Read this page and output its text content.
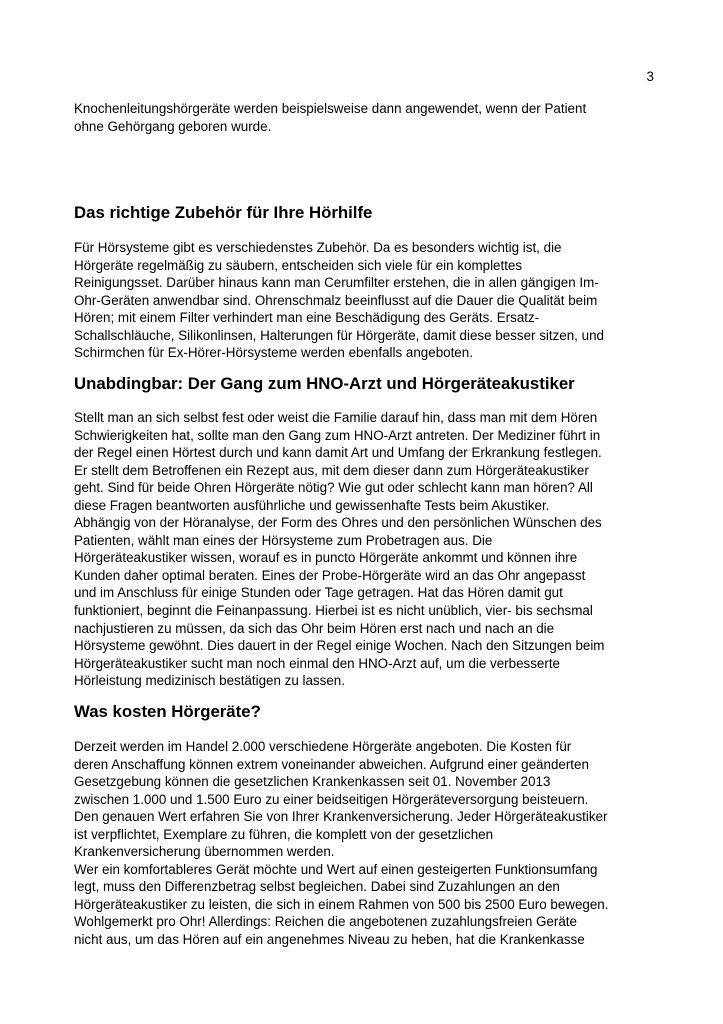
3

Knochenleitungshörgeräte werden beispielsweise dann angewendet, wenn der Patient
ohne Gehörgang geboren wurde.

Das richtige Zubehör für Ihre Hörhilfe

Für Hörsysteme gibt es verschiedenstes Zubehör. Da es besonders wichtig ist, die
Hörgeräte regelmäßig zu säubern, entscheiden sich viele für ein komplettes
Reinigungsset. Darüber hinaus kann man Cerumfilter erstehen, die in allen gängigen Im-
Ohr-Geräten anwendbar sind. Ohrenschmalz beeinflusst auf die Dauer die Qualität beim
Hören; mit einem Filter verhindert man eine Beschädigung des Geräts. Ersatz-
Schallschläuche, Silikonlinsen, Halterungen für Hörgeräte, damit diese besser sitzen, und
Schirmchen für Ex-Hörer-Hörsysteme werden ebenfalls angeboten.

Unabdingbar: Der Gang zum HNO-Arzt und Hörgeräteakustiker

Stellt man an sich selbst fest oder weist die Familie darauf hin, dass man mit dem Hören
Schwierigkeiten hat, sollte man den Gang zum HNO-Arzt antreten. Der Mediziner führt in
der Regel einen Hörtest durch und kann damit Art und Umfang der Erkrankung festlegen.
Er stellt dem Betroffenen ein Rezept aus, mit dem dieser dann zum Hörgeräteakustiker
geht. Sind für beide Ohren Hörgeräte nötig? Wie gut oder schlecht kann man hören? All
diese Fragen beantworten ausführliche und gewissenhafte Tests beim Akustiker.
Abhängig von der Höranalyse, der Form des Ohres und den persönlichen Wünschen des
Patienten, wählt man eines der Hörsysteme zum Probetragen aus. Die
Hörgeräteakustiker wissen, worauf es in puncto Hörgeräte ankommt und können ihre
Kunden daher optimal beraten. Eines der Probe-Hörgeräte wird an das Ohr angepasst
und im Anschluss für einige Stunden oder Tage getragen. Hat das Hören damit gut
funktioniert, beginnt die Feinanpassung. Hierbei ist es nicht unüblich, vier- bis sechsmal
nachjustieren zu müssen, da sich das Ohr beim Hören erst nach und nach an die
Hörsysteme gewöhnt. Dies dauert in der Regel einige Wochen. Nach den Sitzungen beim
Hörgeräteakustiker sucht man noch einmal den HNO-Arzt auf, um die verbesserte
Hörleistung medizinisch bestätigen zu lassen.

Was kosten Hörgeräte?

Derzeit werden im Handel 2.000 verschiedene Hörgeräte angeboten. Die Kosten für
deren Anschaffung können extrem voneinander abweichen. Aufgrund einer geänderten
Gesetzgebung können die gesetzlichen Krankenkassen seit 01. November 2013
zwischen 1.000 und 1.500 Euro zu einer beidseitigen Hörgeräteversorgung beisteuern.
Den genauen Wert erfahren Sie von Ihrer Krankenversicherung. Jeder Hörgeräteakustiker
ist verpflichtet, Exemplare zu führen, die komplett von der gesetzlichen
Krankenversicherung übernommen werden.
Wer ein komfortableres Gerät möchte und Wert auf einen gesteigerten Funktionsumfang
legt, muss den Differenzbetrag selbst begleichen. Dabei sind Zuzahlungen an den
Hörgeräteakustiker zu leisten, die sich in einem Rahmen von 500 bis 2500 Euro bewegen.
Wohlgemerkt pro Ohr! Allerdings: Reichen die angebotenen zuzahlungsfreien Geräte
nicht aus, um das Hören auf ein angenehmes Niveau zu heben, hat die Krankenkasse
